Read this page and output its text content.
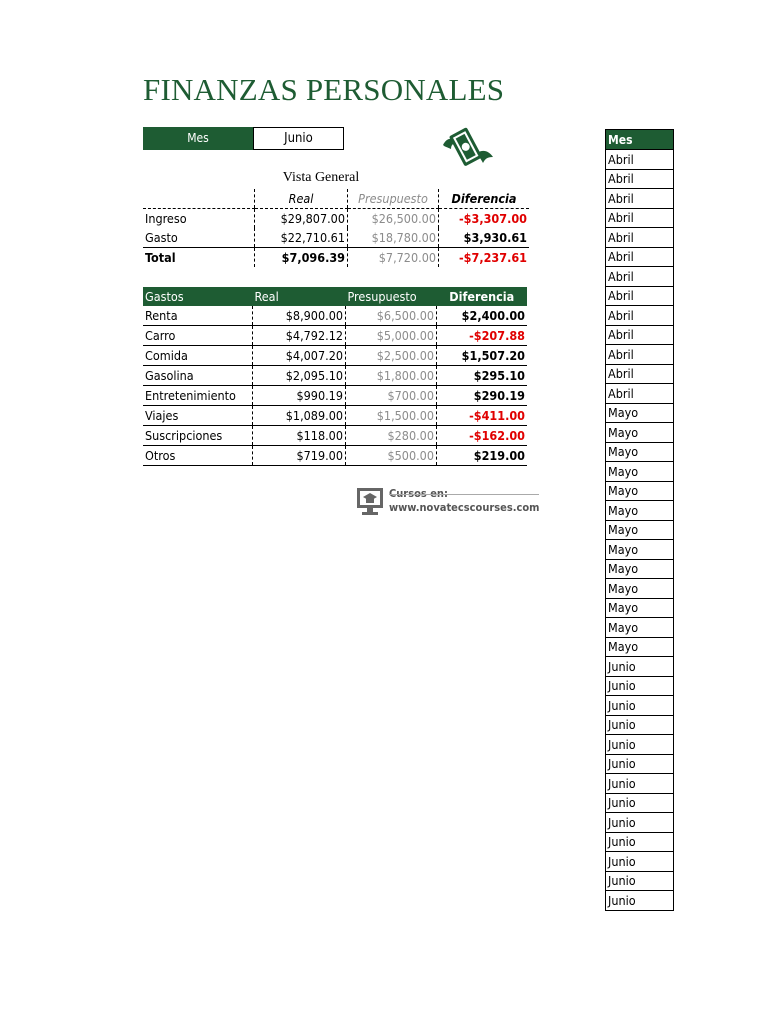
FINANZAS PERSONALES
Mes	Junio
Vista General
	Real	Presupuesto	Diferencia
Ingreso	$29,807.00	$26,500.00	-$3,307.00
Gasto	$22,710.61	$18,780.00	$3,930.61
Total	$7,096.39	$7,720.00	-$7,237.61
Gastos	Real	Presupuesto	Diferencia
Renta	$8,900.00	$6,500.00	$2,400.00
Carro	$4,792.12	$5,000.00	-$207.88
Comida	$4,007.20	$2,500.00	$1,507.20
Gasolina	$2,095.10	$1,800.00	$295.10
Entretenimiento	$990.19	$700.00	$290.19
Viajes	$1,089.00	$1,500.00	-$411.00
Suscripciones	$118.00	$280.00	-$162.00
Otros	$719.00	$500.00	$219.00
Cursos en:
www.novatecscourses.com
Mes
Abril
Abril
Abril
Abril
Abril
Abril
Abril
Abril
Abril
Abril
Abril
Abril
Abril
Mayo
Mayo
Mayo
Mayo
Mayo
Mayo
Mayo
Mayo
Mayo
Mayo
Mayo
Mayo
Mayo
Junio
Junio
Junio
Junio
Junio
Junio
Junio
Junio
Junio
Junio
Junio
Junio
Junio
